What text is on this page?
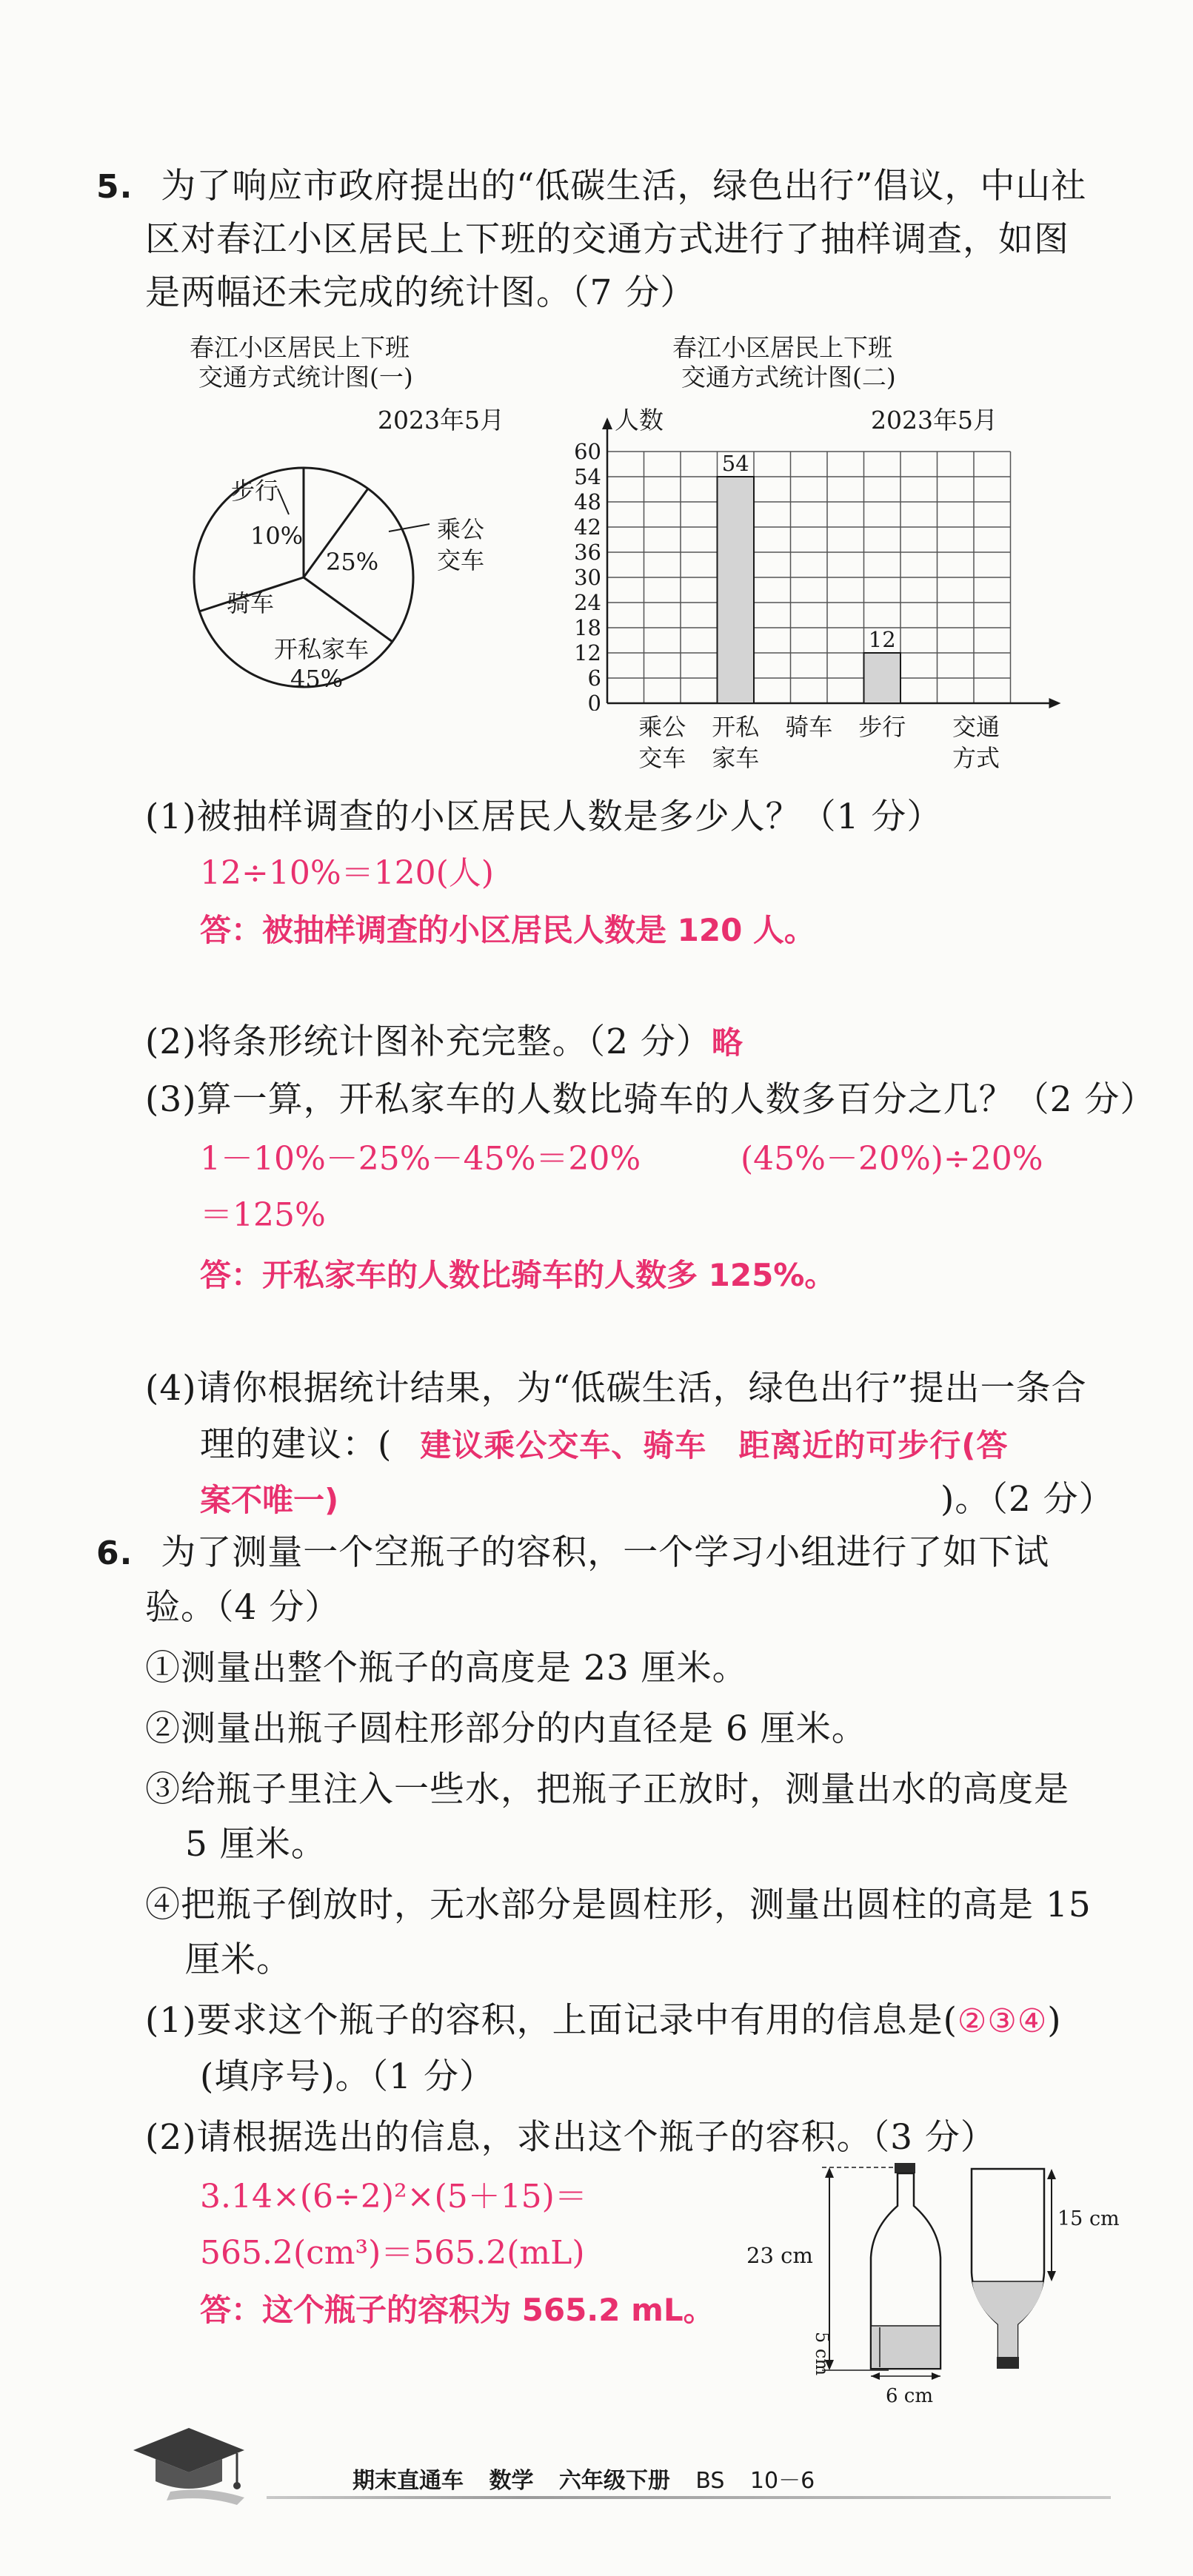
5. 为了响应市政府提出的“低碳生活，绿色出行”倡议，中山社
区对春江小区居民上下班的交通方式进行了抽样调查，如图
是两幅还未完成的统计图。（7 分）
春江小区居民上下班
交通方式统计图(一)
2023年5月
步行
10%	乘公
交车
25%
骑车
开私家车
45%
春江小区居民上下班
交通方式统计图(二)
2023年5月
人数
0
6
12
18
24
30
36
42
48
54
60	54
12
交通
方式
(1)被抽样调查的小区居民人数是多少人？（1 分）
12÷10%＝120(人)
答：被抽样调查的小区居民人数是 120 人。
(2)将条形统计图补充完整。（2 分）略
(3)算一算，开私家车的人数比骑车的人数多百分之几？（2 分）
1－10%－25%－45%＝20%	(45%－20%)÷20%
＝125%
答：开私家车的人数比骑车的人数多 125%。
(4)请你根据统计结果，为“低碳生活，绿色出行”提出一条合
理的建议：( 建议乘公交车、骑车　距离近的可步行(答
案不唯一)	)。（2 分）
6. 为了测量一个空瓶子的容积，一个学习小组进行了如下试
验。（4 分）
①测量出整个瓶子的高度是 23 厘米。
②测量出瓶子圆柱形部分的内直径是 6 厘米。
③给瓶子里注入一些水，把瓶子正放时，测量出水的高度是
5 厘米。
④把瓶子倒放时，无水部分是圆柱形，测量出圆柱的高是 15
厘米。
(1)要求这个瓶子的容积，上面记录中有用的信息是(②③④)
(填序号)。（1 分）
(2)请根据选出的信息，求出这个瓶子的容积。（3 分）
3.14×(6÷2)²×(5＋15)＝
565.2(cm³)＝565.2(mL)
答：这个瓶子的容积为 565.2 mL。
23 cm
5 cm
6 cm
15 cm
期末直通车 数学 六年级下册 BS 10－6
乘公
交车
开私
家车
骑车 步行
